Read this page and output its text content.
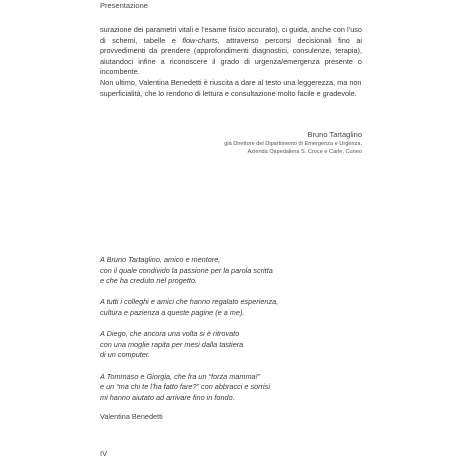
Presentazione

surazione dei parametri vitali e l’esame fisico accurato), ci guida, anche con l’uso di schemi, tabelle e flow-charts, attraverso percorsi decisionali fino ai provvedimenti da prendere (approfondimenti diagnostici, consulenze, terapia), aiutandoci infine a riconoscere il grado di urgenza/emergenza presente o incombente.

Non ultimo, Valentina Benedetti è riuscita a dare al testo una leggerezza, ma non superficialità, che lo rendono di lettura e consultazione molto facile e gradevole.

Bruno Tartaglino
già Direttore del Dipartimento di Emergenza e Urgenza,
Azienda Ospedaliera S. Croce e Carle, Cuneo

A Bruno Tartaglino, amico e mentore,
con il quale condivido la passione per la parola scritta
e che ha creduto nel progetto.

A tutti i colleghi e amici che hanno regalato esperienza,
cultura e pazienza a queste pagine (e a me).

A Diego, che ancora una volta si è ritrovato
con una moglie rapita per mesi dalla tastiera
di un computer.

A Tommaso e Giorgia, che fra un “forza mamma!”
e un “ma chi te l’ha fatto fare?” con abbracci e sorrisi
mi hanno aiutato ad arrivare fino in fondo.

Valentina Benedetti
IV
